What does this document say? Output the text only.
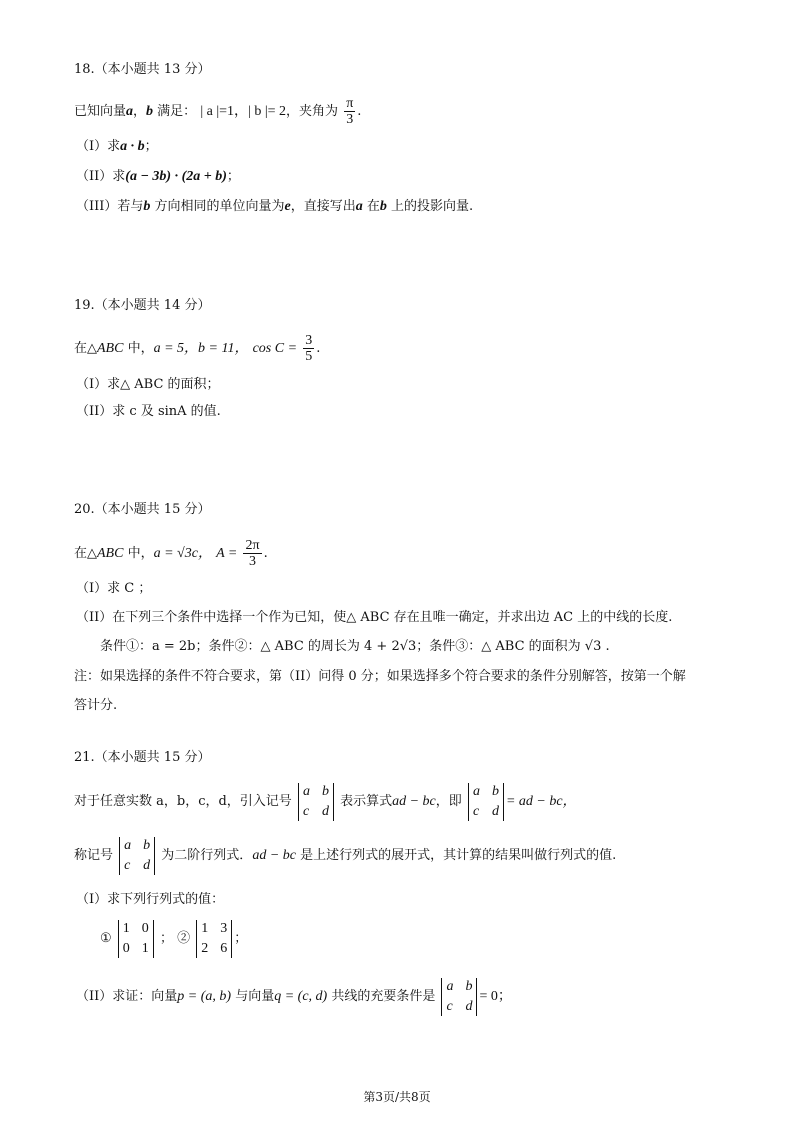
18.（本小题共 13 分）
已知向量a，b 满足： | a |=1，| b |= 2，夹角为 $\frac{\pi}{3}$ .
（I）求a · b；
（II）求(a − 3b) · (2a + b)；
（III）若与b 方向相同的单位向量为e，直接写出a 在b 上的投影向量.
19.（本小题共 14 分）
在△ABC 中，a = 5，b = 11， $\cos C = \frac{3}{5}$ .
（I）求△ ABC 的面积；
（II）求 c 及 sinA 的值.
20.（本小题共 15 分）
在△ABC 中，a = √3c， $A = \frac{2\pi}{3}$ .
（I）求 C ；
（II）在下列三个条件中选择一个作为已知，使△ ABC 存在且唯一确定，并求出边 AC 上的中线的长度.
条件①：a = 2b；条件②：△ ABC 的周长为 4 + 2√3；条件③：△ ABC 的面积为 √3 .
注：如果选择的条件不符合要求，第（II）问得 0 分；如果选择多个符合要求的条件分别解答，按第一个解
答计分.
21.（本小题共 15 分）
对于任意实数 a，b，c，d，引入记号
a b
c d
表示算式ad − bc，即
a b
c d
= ad − bc，
称记号
a b
c d
为二阶行列式．ad − bc 是上述行列式的展开式，其计算的结果叫做行列式的值.
（I）求下列行列式的值：
①
1 0
0 1
； ②
1 3
2 6
；
（II）求证：向量p = (a, b) 与向量q = (c, d) 共线的充要条件是
a b
c d
= 0；
第3页/共8页
